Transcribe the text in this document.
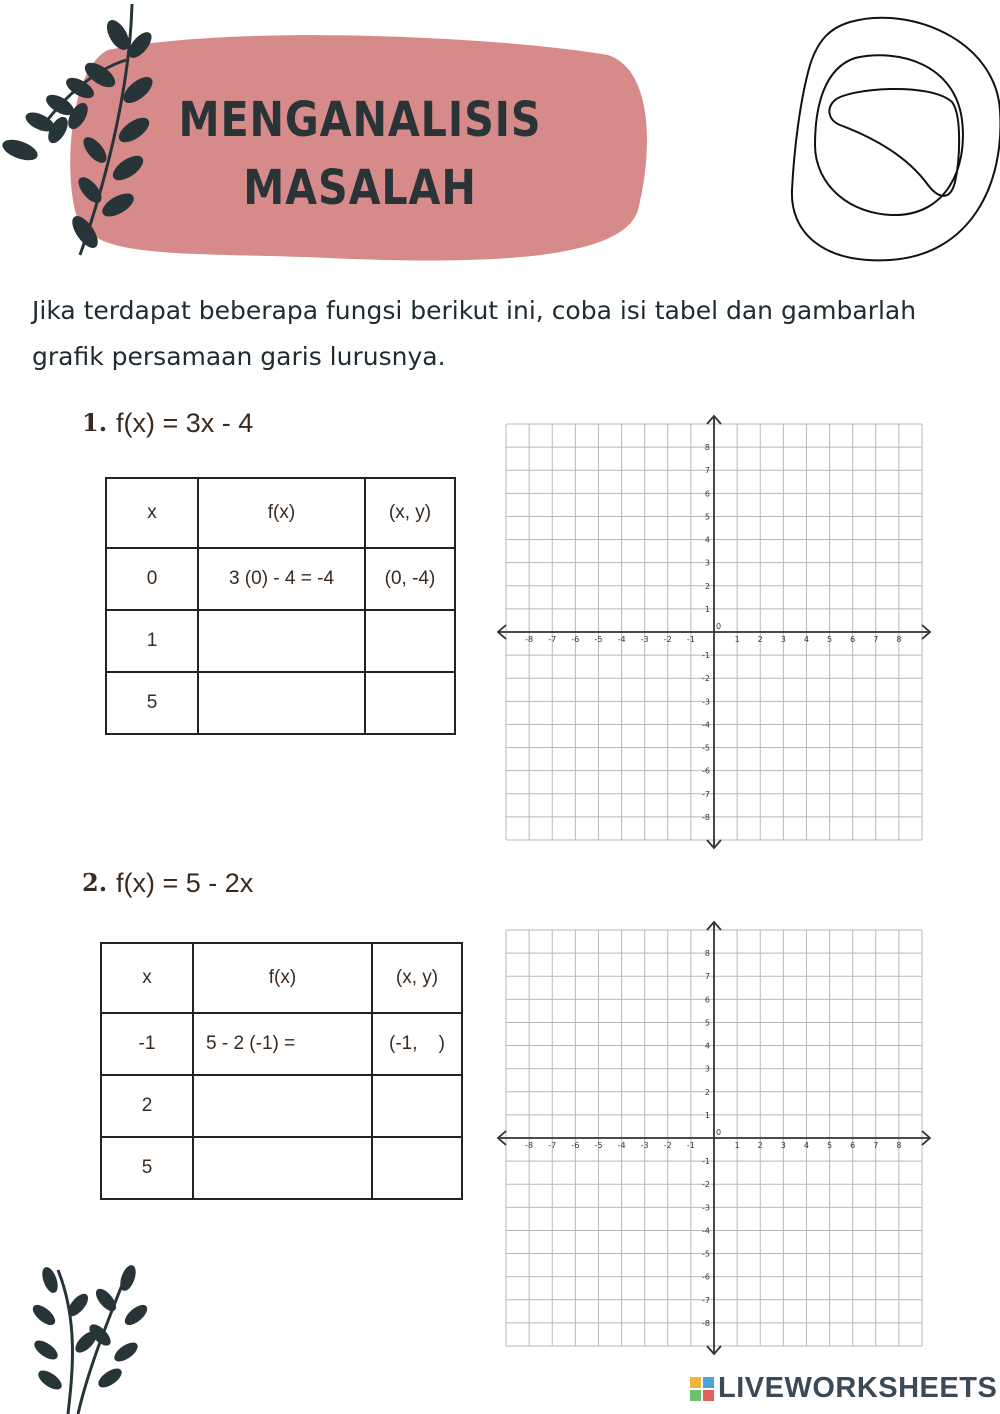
MENGANALISIS
MASALAH
Jika terdapat beberapa fungsi berikut ini, coba isi tabel dan gambarlah
grafik persamaan garis lurusnya.
1. f(x) = 3x - 4
x	f(x)	(x, y)
0	3 (0) - 4 = -4	(0, -4)
1		
5		
-8 -7 -6 -5 -4 -3 -2 -1	1 2 3 4 5 6 7 8
1
2
3
4
5
6
7
8
-1
-2
-3
-4
-5
-6
-7
-8
0
2. f(x) = 5 - 2x
x	f(x)	(x, y)
-1	5 - 2 (-1) =	(-1,    )
2		
5		
-8 -7 -6 -5 -4 -3 -2 -1	1 2 3 4 5 6 7 8
1
2
3
4
5
6
7
8
-1
-2
-3
-4
-5
-6
-7
-8
0
LIVEWORKSHEETS
